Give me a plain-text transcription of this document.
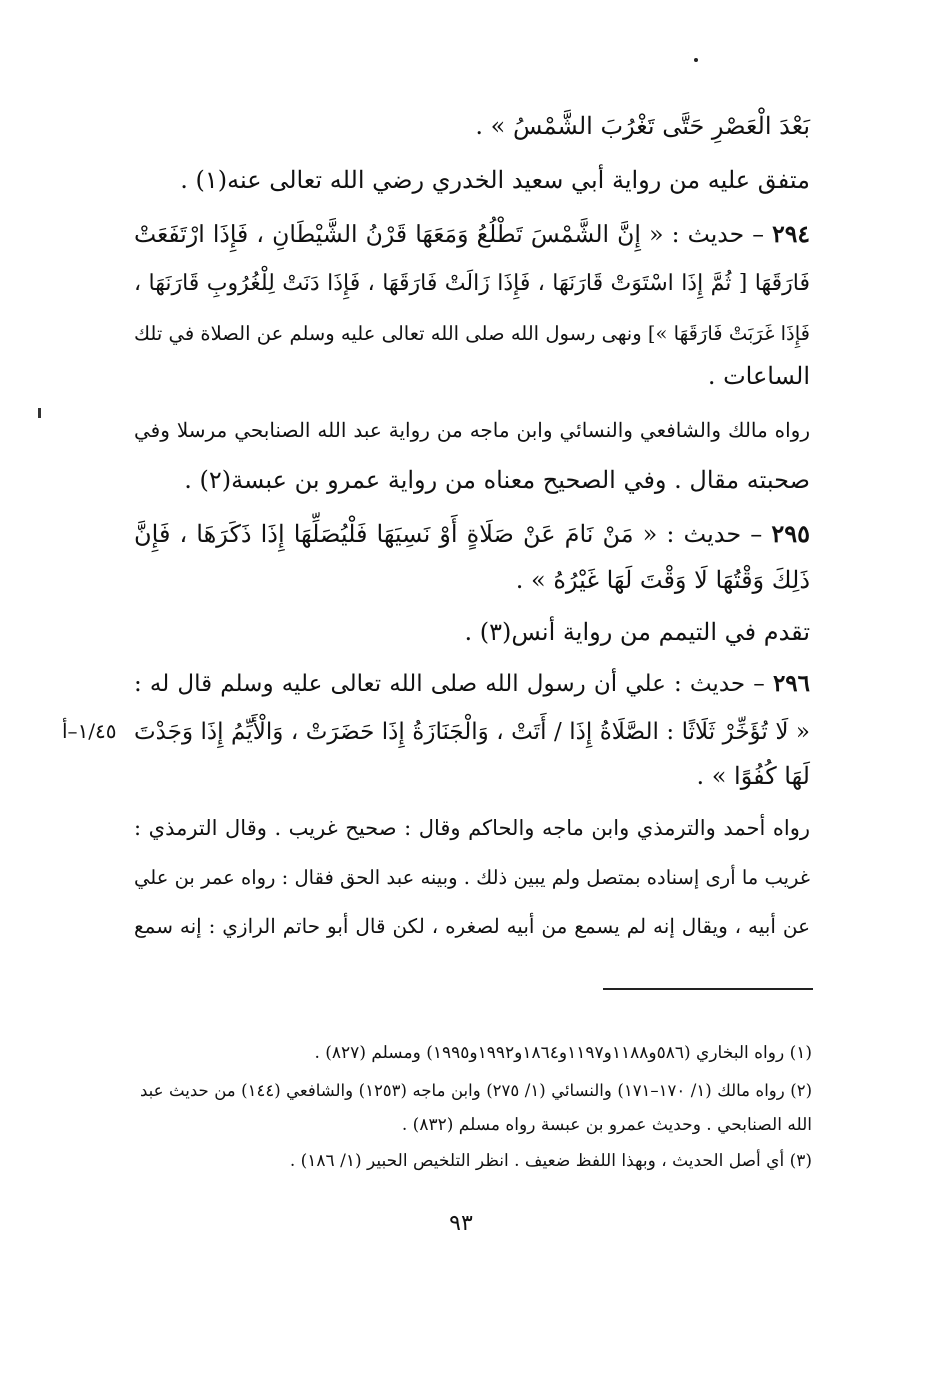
بَعْدَ الْعَصْرِ حَتَّى تَغْرُبَ الشَّمْسُ » .
متفق عليه من رواية أبي سعيد الخدري رضي الله تعالى عنه(١) .
٢٩٤ – حديث : « إِنَّ الشَّمْسَ تَطْلُعُ وَمَعَهَا قَرْنُ الشَّيْطَانِ ، فَإِذَا ارْتَفَعَتْ
فَارَقَهَا [ ثُمَّ إِذَا اسْتَوَتْ قَارَنَهَا ، فَإِذَا زَالَتْ فَارَقَهَا ، فَإِذَا دَنَتْ لِلْغُرُوبِ قَارَنَهَا ،
فَإِذَا غَرَبَتْ فَارَقَهَا »] ونهى رسول الله صلى الله تعالى عليه وسلم عن الصلاة في تلك
الساعات .
رواه مالك والشافعي والنسائي وابن ماجه من رواية عبد الله الصنابحي مرسلا وفي
صحبته مقال . وفي الصحيح معناه من رواية عمرو بن عبسة(٢) .
٢٩٥ – حديث : « مَنْ نَامَ عَنْ صَلَاةٍ أَوْ نَسِيَهَا فَلْيُصَلِّهَا إِذَا ذَكَرَهَا ، فَإِنَّ
ذَلِكَ وَقْتُهَا لَا وَقْتَ لَهَا غَيْرُهُ » .
تقدم في التيمم من رواية أنس(٣) .
٢٩٦ – حديث : علي أن رسول الله صلى الله تعالى عليه وسلم قال له :
« لَا تُؤَخِّرْ ثَلَاثًا : الصَّلَاةُ إِذَا / أَتَتْ ، وَالْجَنَازَةُ إِذَا حَضَرَتْ ، وَالْأَيِّمُ إِذَا وَجَدْتَ
١/٤٥–أ
لَهَا كُفُوًا » .
رواه أحمد والترمذي وابن ماجه والحاكم وقال : صحيح غريب . وقال الترمذي :
غريب ما أرى إسناده بمتصل ولم يبين ذلك . وبينه عبد الحق فقال : رواه عمر بن علي
عن أبيه ، ويقال إنه لم يسمع من أبيه لصغره ، لكن قال أبو حاتم الرازي : إنه سمع
(١) رواه البخاري (٥٨٦و١١٨٨و١١٩٧و١٨٦٤و١٩٩٢و١٩٩٥) ومسلم (٨٢٧) .
(٢) رواه مالك (١/ ١٧٠–١٧١) والنسائي (١/ ٢٧٥) وابن ماجه (١٢٥٣) والشافعي (١٤٤) من حديث عبد
الله الصنابحي . وحديث عمرو بن عبسة رواه مسلم (٨٣٢) .
(٣) أي أصل الحديث ، وبهذا اللفظ ضعيف . انظر التلخيص الحبير (١/ ١٨٦) .
٩٣
